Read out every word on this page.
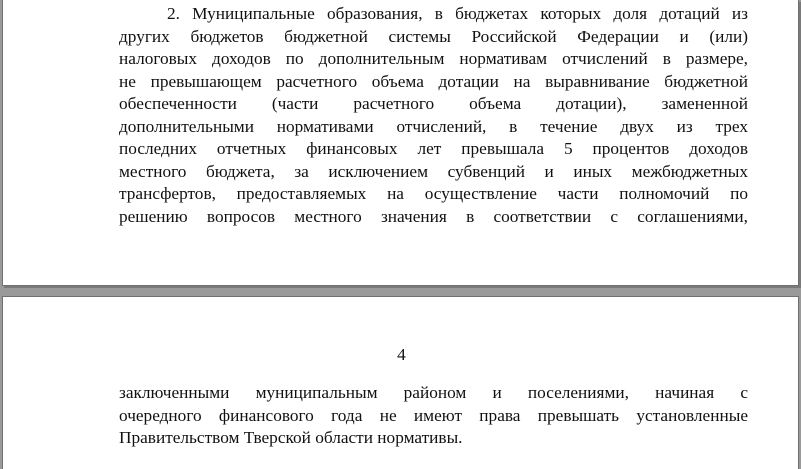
2. Муниципальные образования, в бюджетах которых доля дотаций из
других бюджетов бюджетной системы Российской Федерации и (или)
налоговых доходов по дополнительным нормативам отчислений в размере,
не превышающем расчетного объема дотации на выравнивание бюджетной
обеспеченности (части расчетного объема дотации), замененной
дополнительными нормативами отчислений, в течение двух из трех
последних отчетных финансовых лет превышала 5 процентов доходов
местного бюджета, за исключением субвенций и иных межбюджетных
трансфертов, предоставляемых на осуществление части полномочий по
решению вопросов местного значения в соответствии с соглашениями,
4
заключенными муниципальным районом и поселениями, начиная с
очередного финансового года не имеют права превышать установленные
Правительством Тверской области нормативы.
